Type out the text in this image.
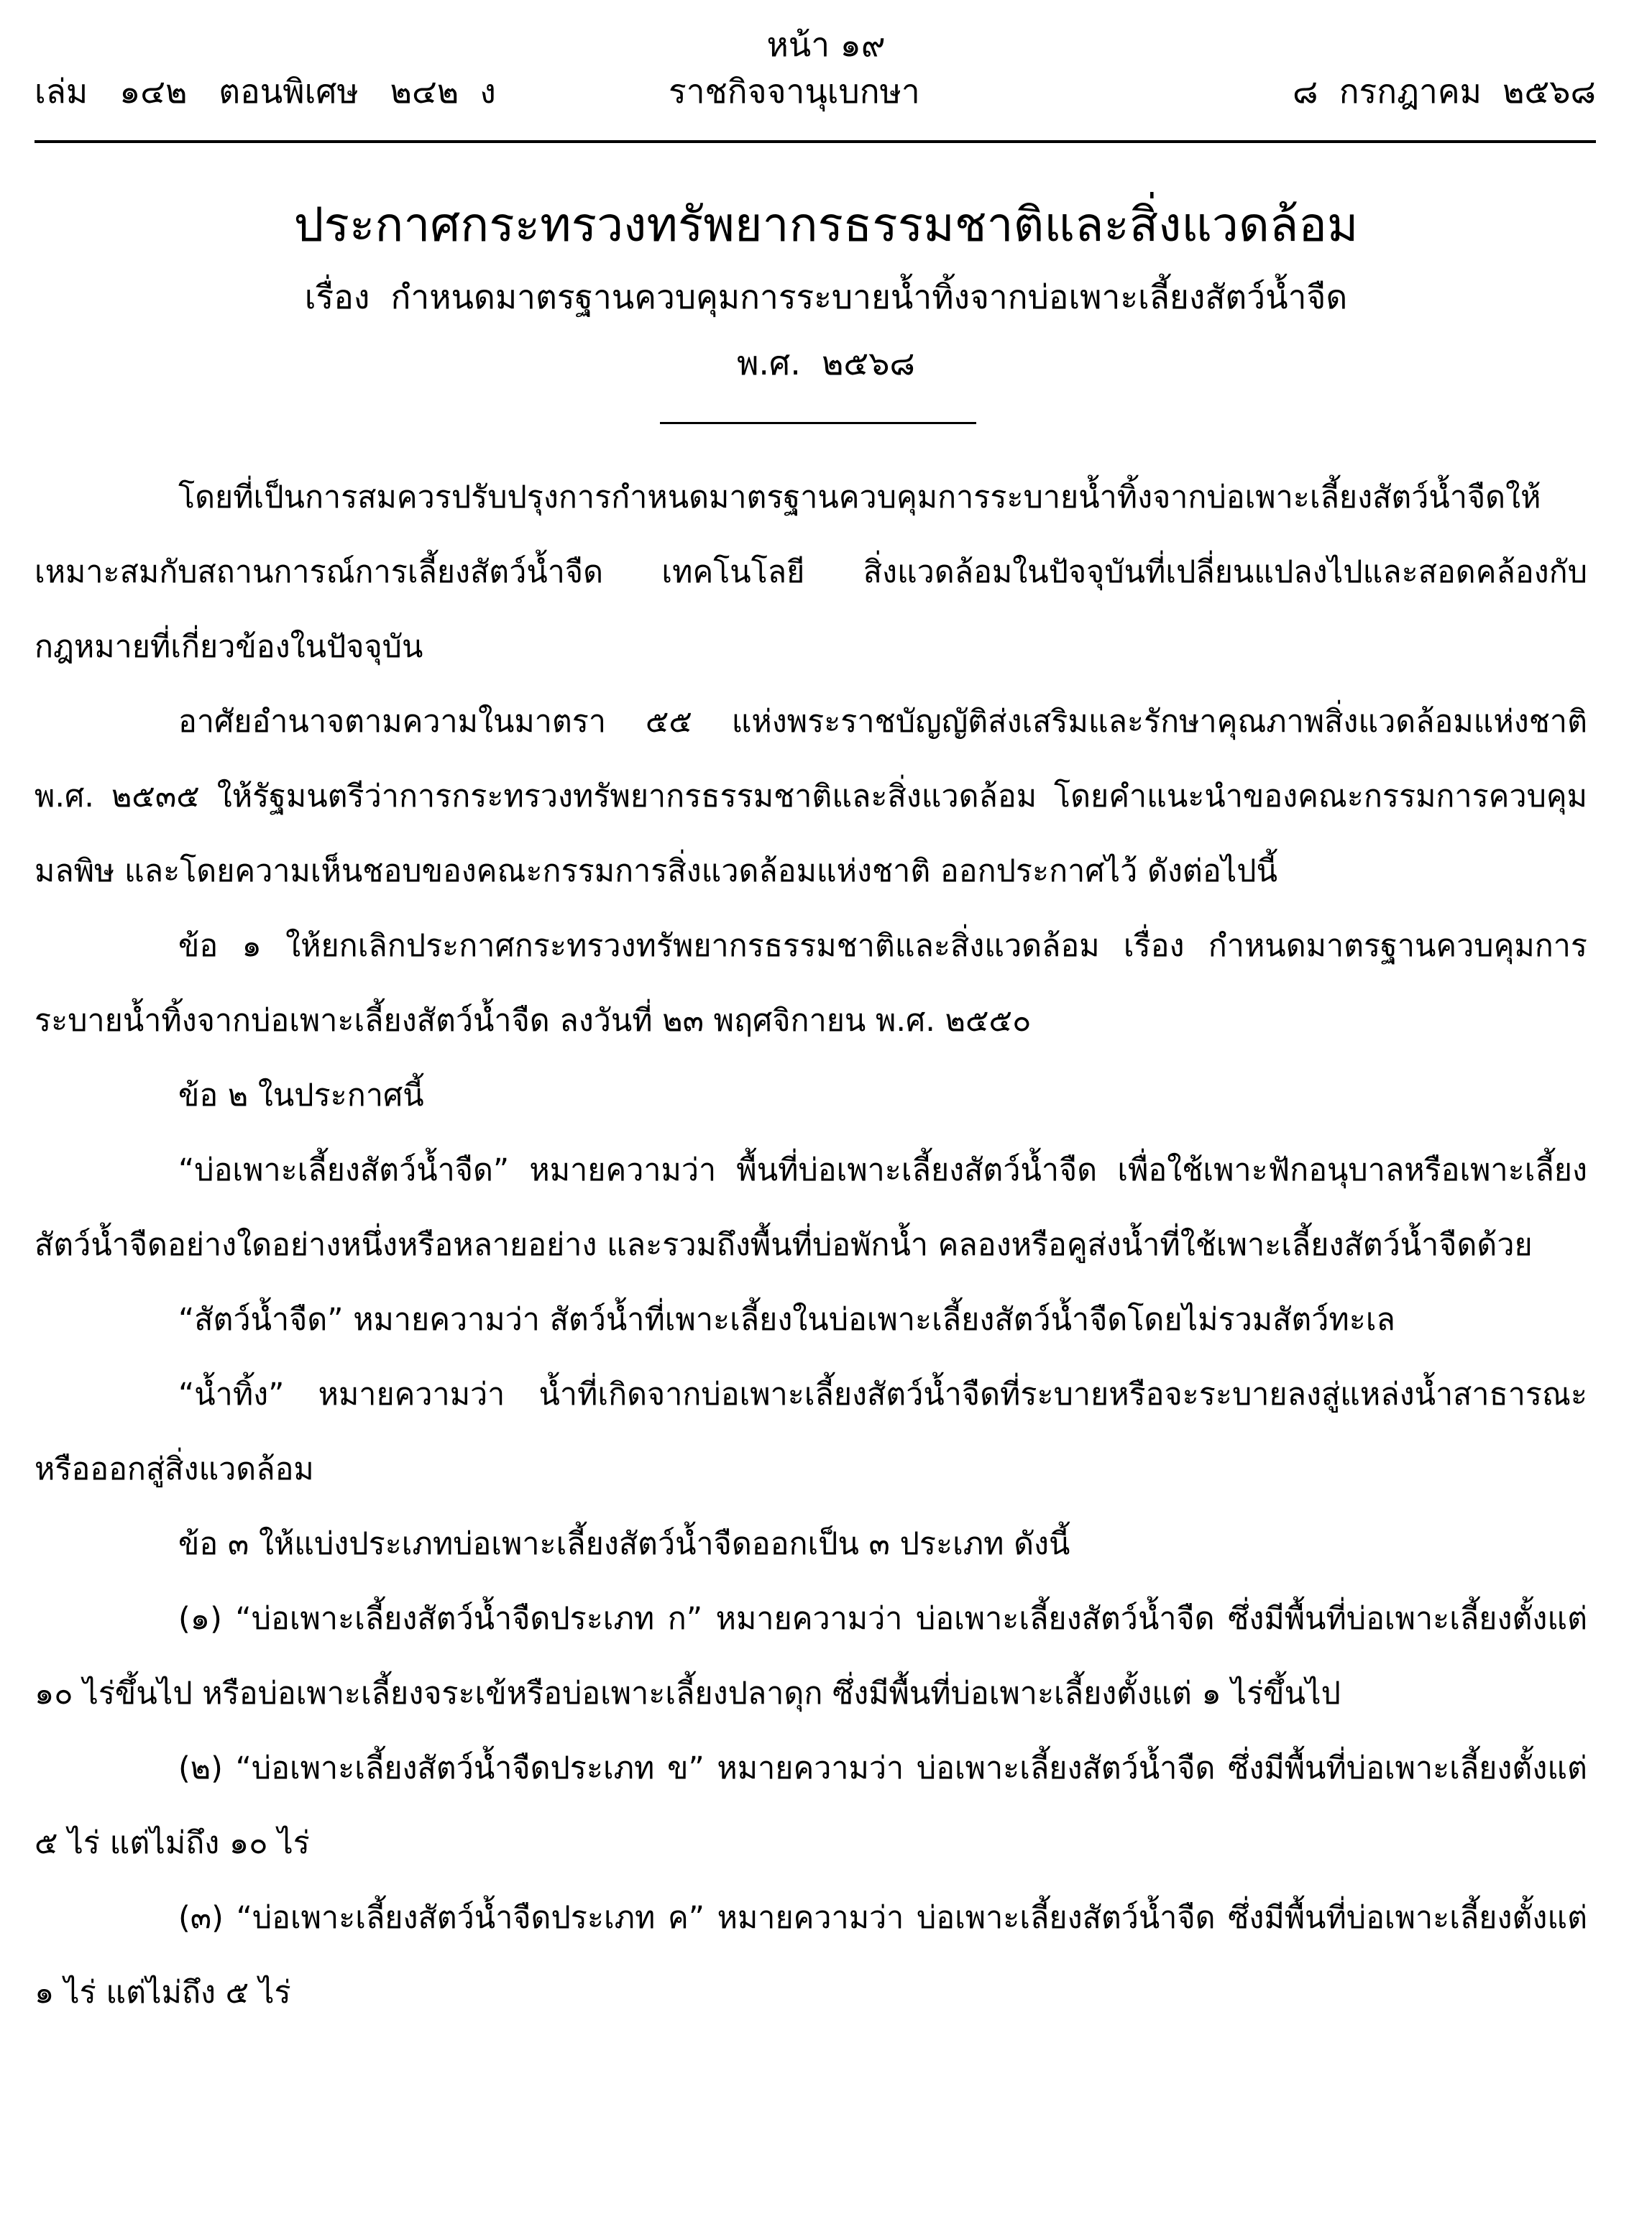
หน้า ๑๙
เล่ม   ๑๔๒   ตอนพิเศษ   ๒๔๒  ง	ราชกิจจานุเบกษา	๘  กรกฎาคม  ๒๕๖๘
ประกาศกระทรวงทรัพยากรธรรมชาติและสิ่งแวดล้อม
เรื่อง  กำหนดมาตรฐานควบคุมการระบายน้ำทิ้งจากบ่อเพาะเลี้ยงสัตว์น้ำจืด
พ.ศ.  ๒๕๖๘

โดยที่เป็นการสมควรปรับปรุงการกำหนดมาตรฐานควบคุมการระบายน้ำทิ้งจากบ่อเพาะเลี้ยงสัตว์น้ำจืดให้เหมาะสมกับสถานการณ์การเลี้ยงสัตว์น้ำจืด เทคโนโลยี สิ่งแวดล้อมในปัจจุบันที่เปลี่ยนแปลงไปและสอดคล้องกับกฎหมายที่เกี่ยวข้องในปัจจุบัน

อาศัยอำนาจตามความในมาตรา ๕๕ แห่งพระราชบัญญัติส่งเสริมและรักษาคุณภาพสิ่งแวดล้อมแห่งชาติ พ.ศ. ๒๕๓๕ ให้รัฐมนตรีว่าการกระทรวงทรัพยากรธรรมชาติและสิ่งแวดล้อม โดยคำแนะนำของคณะกรรมการควบคุมมลพิษ และโดยความเห็นชอบของคณะกรรมการสิ่งแวดล้อมแห่งชาติ ออกประกาศไว้ ดังต่อไปนี้

ข้อ ๑ ให้ยกเลิกประกาศกระทรวงทรัพยากรธรรมชาติและสิ่งแวดล้อม เรื่อง กำหนดมาตรฐานควบคุมการระบายน้ำทิ้งจากบ่อเพาะเลี้ยงสัตว์น้ำจืด ลงวันที่ ๒๓ พฤศจิกายน พ.ศ. ๒๕๕๐

ข้อ ๒ ในประกาศนี้

“บ่อเพาะเลี้ยงสัตว์น้ำจืด” หมายความว่า พื้นที่บ่อเพาะเลี้ยงสัตว์น้ำจืด เพื่อใช้เพาะฟักอนุบาลหรือเพาะเลี้ยงสัตว์น้ำจืดอย่างใดอย่างหนึ่งหรือหลายอย่าง และรวมถึงพื้นที่บ่อพักน้ำ คลองหรือคูส่งน้ำที่ใช้เพาะเลี้ยงสัตว์น้ำจืดด้วย

“สัตว์น้ำจืด” หมายความว่า สัตว์น้ำที่เพาะเลี้ยงในบ่อเพาะเลี้ยงสัตว์น้ำจืดโดยไม่รวมสัตว์ทะเล

“น้ำทิ้ง” หมายความว่า น้ำที่เกิดจากบ่อเพาะเลี้ยงสัตว์น้ำจืดที่ระบายหรือจะระบายลงสู่แหล่งน้ำสาธารณะหรือออกสู่สิ่งแวดล้อม

ข้อ ๓ ให้แบ่งประเภทบ่อเพาะเลี้ยงสัตว์น้ำจืดออกเป็น ๓ ประเภท ดังนี้

(๑) “บ่อเพาะเลี้ยงสัตว์น้ำจืดประเภท ก” หมายความว่า บ่อเพาะเลี้ยงสัตว์น้ำจืด ซึ่งมีพื้นที่บ่อเพาะเลี้ยงตั้งแต่ ๑๐ ไร่ขึ้นไป หรือบ่อเพาะเลี้ยงจระเข้หรือบ่อเพาะเลี้ยงปลาดุก ซึ่งมีพื้นที่บ่อเพาะเลี้ยงตั้งแต่ ๑ ไร่ขึ้นไป

(๒) “บ่อเพาะเลี้ยงสัตว์น้ำจืดประเภท ข” หมายความว่า บ่อเพาะเลี้ยงสัตว์น้ำจืด ซึ่งมีพื้นที่บ่อเพาะเลี้ยงตั้งแต่ ๕ ไร่ แต่ไม่ถึง ๑๐ ไร่

(๓) “บ่อเพาะเลี้ยงสัตว์น้ำจืดประเภท ค” หมายความว่า บ่อเพาะเลี้ยงสัตว์น้ำจืด ซึ่งมีพื้นที่บ่อเพาะเลี้ยงตั้งแต่ ๑ ไร่ แต่ไม่ถึง ๕ ไร่
